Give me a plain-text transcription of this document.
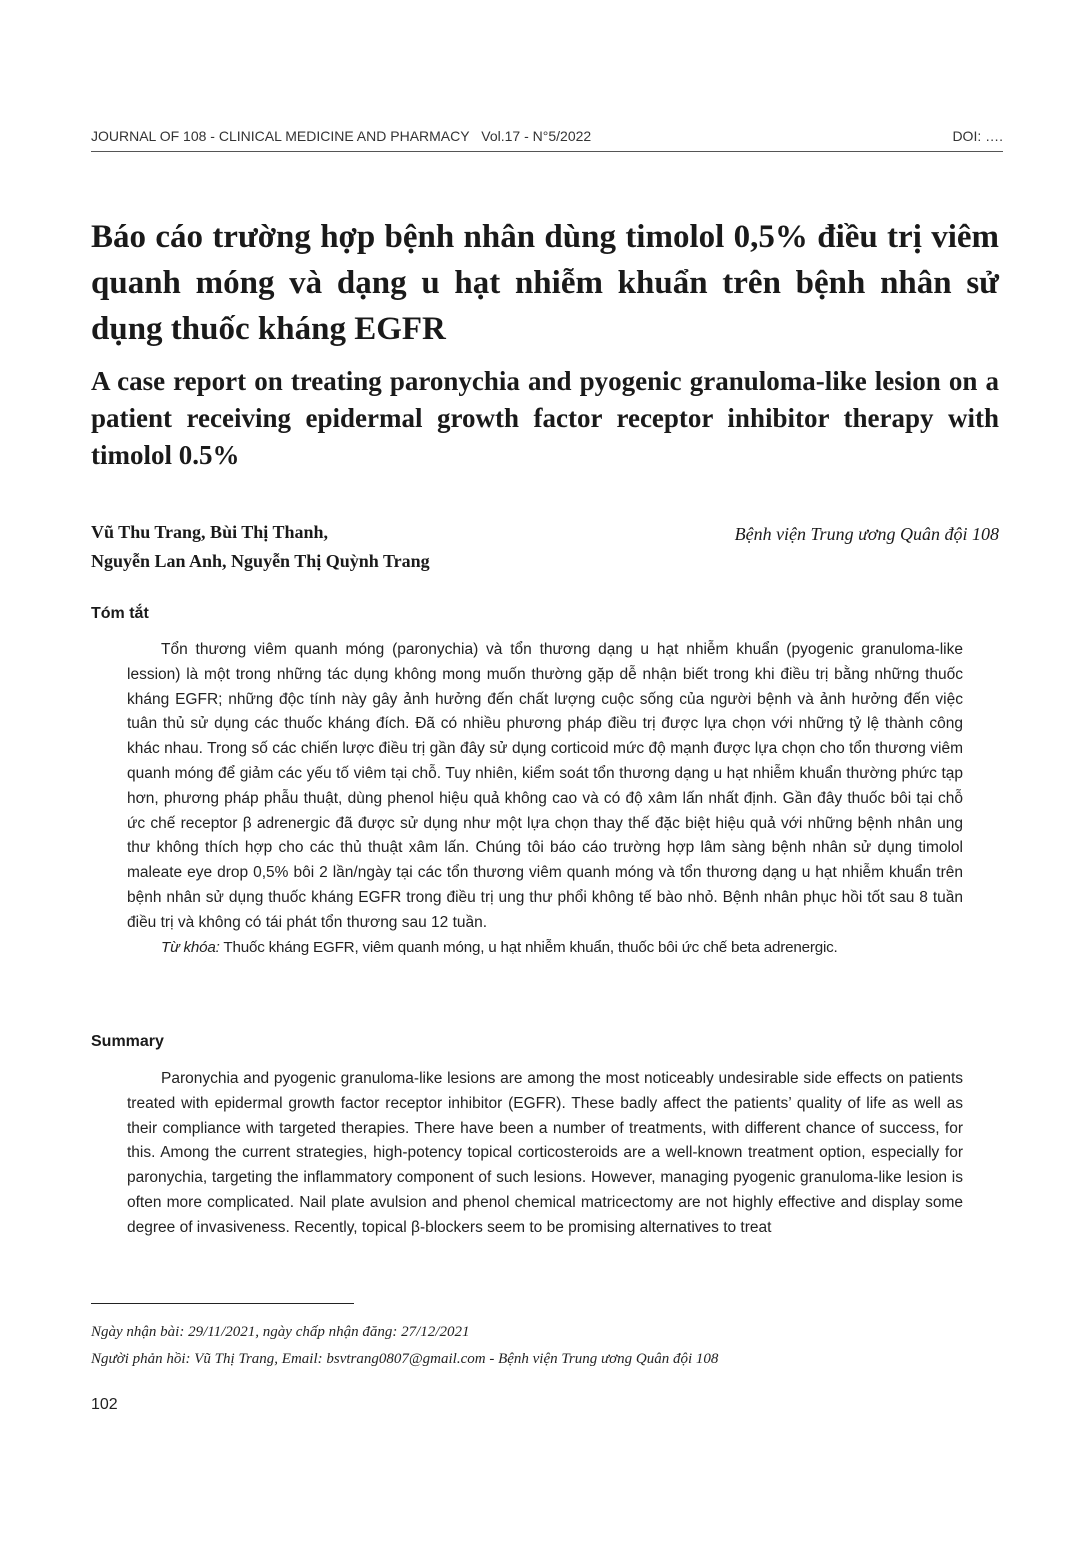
JOURNAL OF 108 - CLINICAL MEDICINE AND PHARMACY Vol.17 - N°5/2022	DOI: ….
Báo cáo trường hợp bệnh nhân dùng timolol 0,5% điều trị viêm quanh móng và dạng u hạt nhiễm khuẩn trên bệnh nhân sử dụng thuốc kháng EGFR
A case report on treating paronychia and pyogenic granuloma-like lesion on a patient receiving epidermal growth factor receptor inhibitor therapy with timolol 0.5%
Vũ Thu Trang, Bùi Thị Thanh,
Nguyễn Lan Anh, Nguyễn Thị Quỳnh Trang
Bệnh viện Trung ương Quân đội 108
Tóm tắt

Tổn thương viêm quanh móng (paronychia) và tổn thương dạng u hạt nhiễm khuẩn (pyogenic granuloma-like lession) là một trong những tác dụng không mong muốn thường gặp dễ nhận biết trong khi điều trị bằng những thuốc kháng EGFR; những độc tính này gây ảnh hưởng đến chất lượng cuộc sống của người bệnh và ảnh hưởng đến việc tuân thủ sử dụng các thuốc kháng đích. Đã có nhiều phương pháp điều trị được lựa chọn với những tỷ lệ thành công khác nhau. Trong số các chiến lược điều trị gần đây sử dụng corticoid mức độ mạnh được lựa chọn cho tổn thương viêm quanh móng để giảm các yếu tố viêm tại chỗ. Tuy nhiên, kiểm soát tổn thương dạng u hạt nhiễm khuẩn thường phức tạp hơn, phương pháp phẫu thuật, dùng phenol hiệu quả không cao và có độ xâm lấn nhất định. Gần đây thuốc bôi tại chỗ ức chế receptor β adrenergic đã được sử dụng như một lựa chọn thay thế đặc biệt hiệu quả với những bệnh nhân ung thư không thích hợp cho các thủ thuật xâm lấn. Chúng tôi báo cáo trường hợp lâm sàng bệnh nhân sử dụng timolol maleate eye drop 0,5% bôi 2 lần/ngày tại các tổn thương viêm quanh móng và tổn thương dạng u hạt nhiễm khuẩn trên bệnh nhân sử dụng thuốc kháng EGFR trong điều trị ung thư phổi không tế bào nhỏ. Bệnh nhân phục hồi tốt sau 8 tuần điều trị và không có tái phát tổn thương sau 12 tuần.

Từ khóa: Thuốc kháng EGFR, viêm quanh móng, u hạt nhiễm khuẩn, thuốc bôi ức chế beta adrenergic.

Summary

Paronychia and pyogenic granuloma-like lesions are among the most noticeably undesirable side effects on patients treated with epidermal growth factor receptor inhibitor (EGFR). These badly affect the patients’ quality of life as well as their compliance with targeted therapies. There have been a number of treatments, with different chance of success, for this. Among the current strategies, high-potency topical corticosteroids are a well-known treatment option, especially for paronychia, targeting the inflammatory component of such lesions. However, managing pyogenic granuloma-like lesion is often more complicated. Nail plate avulsion and phenol chemical matricectomy are not highly effective and display some degree of invasiveness. Recently, topical β-blockers seem to be promising alternatives to treat

Ngày nhận bài: 29/11/2021, ngày chấp nhận đăng: 27/12/2021
Người phản hồi: Vũ Thị Trang, Email: bsvtrang0807@gmail.com - Bệnh viện Trung ương Quân đội 108
102
